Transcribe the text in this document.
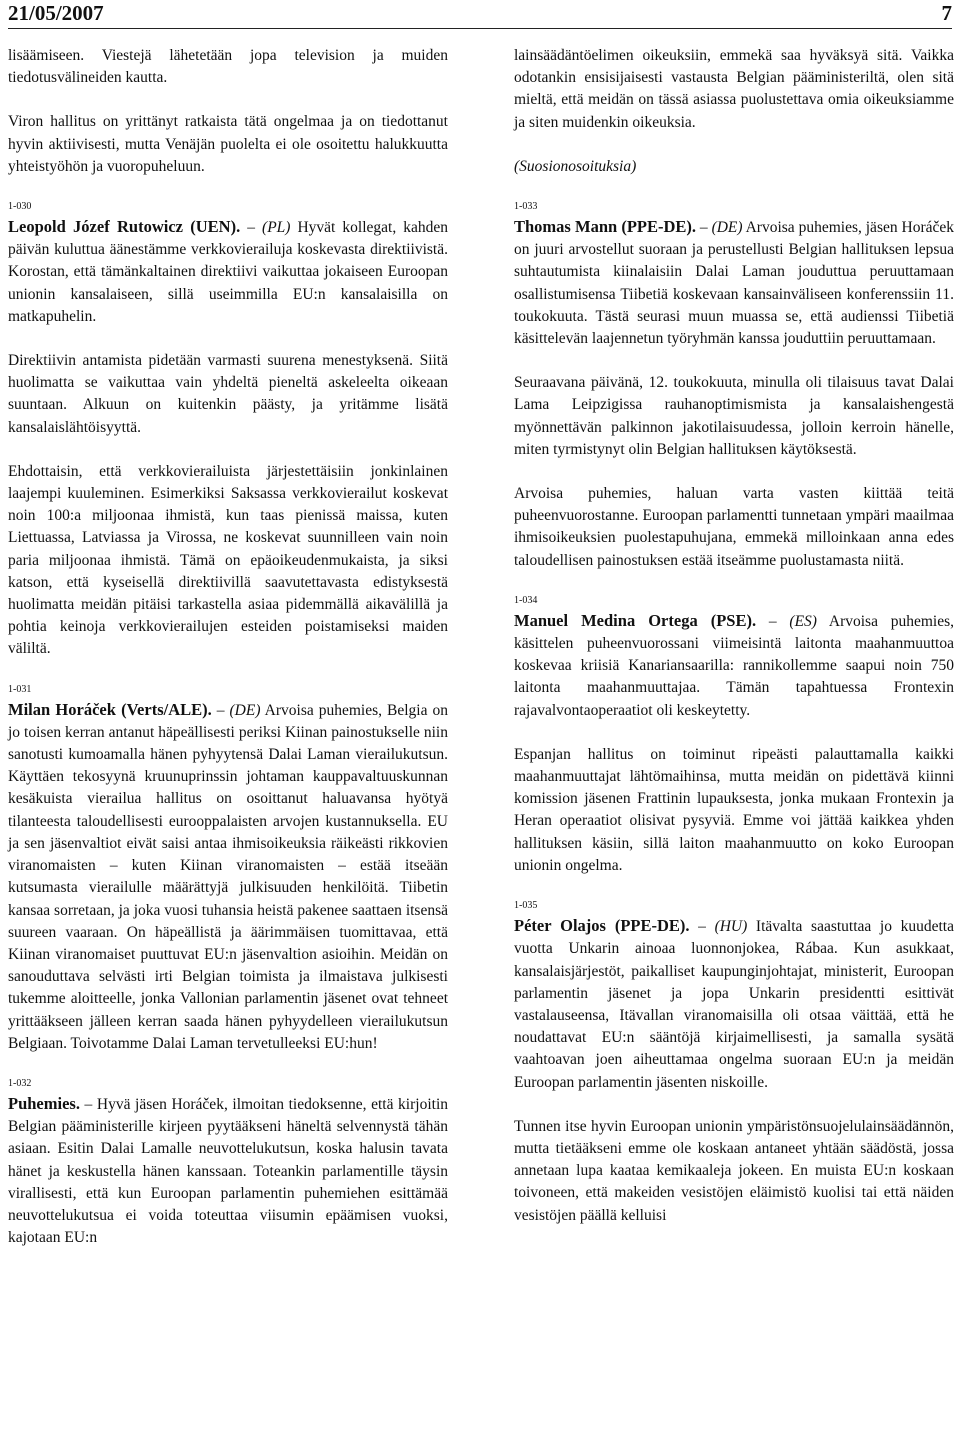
21/05/2007	7

lisäämiseen. Viestejä lähetetään jopa television ja muiden tiedotusvälineiden kautta.

Viron hallitus on yrittänyt ratkaista tätä ongelmaa ja on tiedottanut hyvin aktiivisesti, mutta Venäjän puolelta ei ole osoitettu halukkuutta yhteistyöhön ja vuoropuheluun.

1-030

Leopold Józef Rutowicz (UEN). – (PL) Hyvät kollegat, kahden päivän kuluttua äänestämme verkkovierailuja koskevasta direktiivistä. Korostan, että tämänkaltainen direktiivi vaikuttaa jokaiseen Euroopan unionin kansalaiseen, sillä useimmilla EU:n kansalaisilla on matkapuhelin.

Direktiivin antamista pidetään varmasti suurena menestyksenä. Siitä huolimatta se vaikuttaa vain yhdeltä pieneltä askeleelta oikeaan suuntaan. Alkuun on kuitenkin päästy, ja yritämme lisätä kansalaislähtöisyyttä.

Ehdottaisin, että verkkovierailuista järjestettäisiin jonkinlainen laajempi kuuleminen. Esimerkiksi Saksassa verkkovierailut koskevat noin 100:a miljoonaa ihmistä, kun taas pienissä maissa, kuten Liettuassa, Latviassa ja Virossa, ne koskevat suunnilleen vain noin paria miljoonaa ihmistä. Tämä on epäoikeudenmukaista, ja siksi katson, että kyseisellä direktiivillä saavutettavasta edistyksestä huolimatta meidän pitäisi tarkastella asiaa pidemmällä aikavälillä ja pohtia keinoja verkkovierailujen esteiden poistamiseksi maiden väliltä.

1-031

Milan Horáček (Verts/ALE). – (DE) Arvoisa puhemies, Belgia on jo toisen kerran antanut häpeällisesti periksi Kiinan painostukselle niin sanotusti kumoamalla hänen pyhyytensä Dalai Laman vierailukutsun. Käyttäen tekosyynä kruunuprinssin johtaman kauppavaltuuskunnan kesäkuista vierailua hallitus on osoittanut haluavansa hyötyä tilanteesta taloudellisesti eurooppalaisten arvojen kustannuksella. EU ja sen jäsenvaltiot eivät saisi antaa ihmisoikeuksia räikeästi rikkovien viranomaisten – kuten Kiinan viranomaisten – estää itseään kutsumasta vierailulle määrättyjä julkisuuden henkilöitä. Tiibetin kansaa sorretaan, ja joka vuosi tuhansia heistä pakenee saattaen itsensä suureen vaaraan. On häpeällistä ja äärimmäisen tuomittavaa, että Kiinan viranomaiset puuttuvat EU:n jäsenvaltion asioihin. Meidän on sanouduttava selvästi irti Belgian toimista ja ilmaistava julkisesti tukemme aloitteelle, jonka Vallonian parlamentin jäsenet ovat tehneet yrittääkseen jälleen kerran saada hänen pyhyydelleen vierailukutsun Belgiaan. Toivotamme Dalai Laman tervetulleeksi EU:hun!

1-032

Puhemies. – Hyvä jäsen Horáček, ilmoitan tiedoksenne, että kirjoitin Belgian pääministerille kirjeen pyytääkseni häneltä selvennystä tähän asiaan. Esitin Dalai Lamalle neuvottelukutsun, koska halusin tavata hänet ja keskustella hänen kanssaan. Toteankin parlamentille täysin virallisesti, että kun Euroopan parlamentin puhemiehen esittämää neuvottelukutsua ei voida toteuttaa viisumin epäämisen vuoksi, kajotaan EU:n

lainsäädäntöelimen oikeuksiin, emmekä saa hyväksyä sitä. Vaikka odotankin ensisijaisesti vastausta Belgian pääministeriltä, olen sitä mieltä, että meidän on tässä asiassa puolustettava omia oikeuksiamme ja siten muidenkin oikeuksia.

(Suosionosoituksia)
1-033

Thomas Mann (PPE-DE). – (DE) Arvoisa puhemies, jäsen Horáček on juuri arvostellut suoraan ja perustellusti Belgian hallituksen lepsua suhtautumista kiinalaisiin Dalai Laman jouduttua peruuttamaan osallistumisensa Tiibetiä koskevaan kansainväliseen konferenssiin 11. toukokuuta. Tästä seurasi muun muassa se, että audienssi Tiibetiä käsittelevän laajennetun työryhmän kanssa jouduttiin peruuttamaan.

Seuraavana päivänä, 12. toukokuuta, minulla oli tilaisuus tavat Dalai Lama Leipzigissa rauhanoptimismista ja kansalaishengestä myönnettävän palkinnon jakotilaisuudessa, jolloin kerroin hänelle, miten tyrmistynyt olin Belgian hallituksen käytöksestä.

Arvoisa puhemies, haluan varta vasten kiittää teitä puheenvuorostanne. Euroopan parlamentti tunnetaan ympäri maailmaa ihmisoikeuksien puolestapuhujana, emmekä milloinkaan anna edes taloudellisen painostuksen estää itseämme puolustamasta niitä.

1-034

Manuel Medina Ortega (PSE). – (ES) Arvoisa puhemies, käsittelen puheenvuorossani viimeisintä laitonta maahanmuuttoa koskevaa kriisiä Kanariansaarilla: rannikollemme saapui noin 750 laitonta maahanmuuttajaa. Tämän tapahtuessa Frontexin rajavalvontaoperaatiot oli keskeytetty.

Espanjan hallitus on toiminut ripeästi palauttamalla kaikki maahanmuuttajat lähtömaihinsa, mutta meidän on pidettävä kiinni komission jäsenen Frattinin lupauksesta, jonka mukaan Frontexin ja Heran operaatiot olisivat pysyviä. Emme voi jättää kaikkea yhden hallituksen käsiin, sillä laiton maahanmuutto on koko Euroopan unionin ongelma.

1-035

Péter Olajos (PPE-DE). – (HU) Itävalta saastuttaa jo kuudetta vuotta Unkarin ainoaa luonnonjokea, Rábaa. Kun asukkaat, kansalaisjärjestöt, paikalliset kaupunginjohtajat, ministerit, Euroopan parlamentin jäsenet ja jopa Unkarin presidentti esittivät vastalauseensa, Itävallan viranomaisilla oli otsaa väittää, että he noudattavat EU:n sääntöjä kirjaimellisesti, ja samalla sysätä vaahtoavan joen aiheuttamaa ongelma suoraan EU:n ja meidän Euroopan parlamentin jäsenten niskoille.

Tunnen itse hyvin Euroopan unionin ympäristönsuojelulainsäädännön, mutta tietääkseni emme ole koskaan antaneet yhtään säädöstä, jossa annetaan lupa kaataa kemikaaleja jokeen. En muista EU:n koskaan toivoneen, että makeiden vesistöjen eläimistö kuolisi tai että näiden vesistöjen päällä kelluisi
